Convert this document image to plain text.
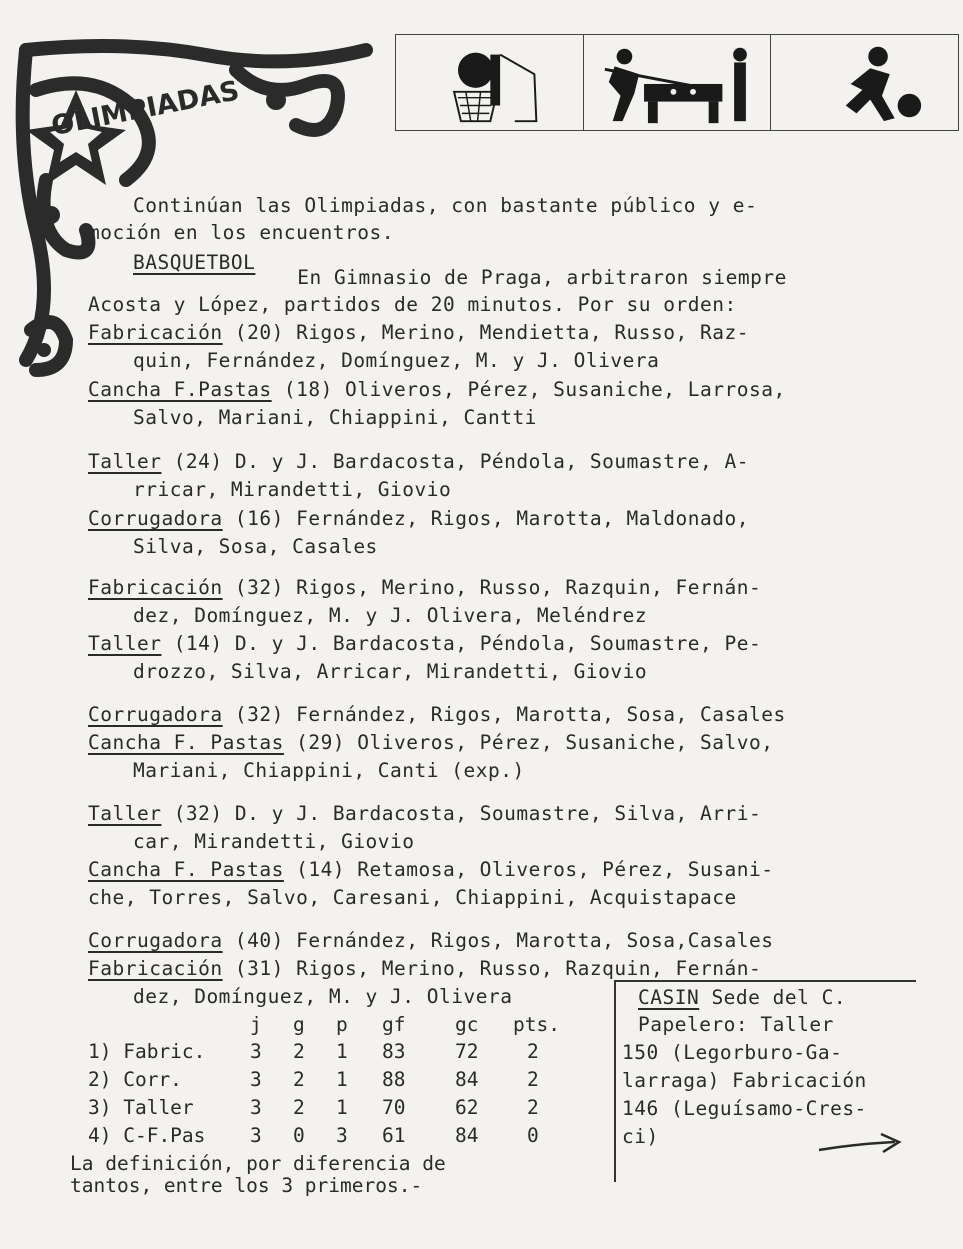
OLIMPIADAS
Continúan las Olimpiadas, con bastante público y e-
moción en los encuentros.
BASQUETBOL
En Gimnasio de Praga, arbitraron siempre
Acosta y López, partidos de 20 minutos. Por su orden:
Fabricación (20) Rigos, Merino, Mendietta, Russo, Raz-
quin, Fernández, Domínguez, M. y J. Olivera
Cancha F.Pastas (18) Oliveros, Pérez, Susaniche, Larrosa,
Salvo, Mariani, Chiappini, Cantti
Taller (24) D. y J. Bardacosta, Péndola, Soumastre, A-
rricar, Mirandetti, Giovio
Corrugadora (16) Fernández, Rigos, Marotta, Maldonado,
Silva, Sosa, Casales
Fabricación (32) Rigos, Merino, Russo, Razquin, Fernán-
dez, Domínguez, M. y J. Olivera, Meléndrez
Taller (14) D. y J. Bardacosta, Péndola, Soumastre, Pe-
drozzo, Silva, Arricar, Mirandetti, Giovio
Corrugadora (32) Fernández, Rigos, Marotta, Sosa, Casales
Cancha F. Pastas (29) Oliveros, Pérez, Susaniche, Salvo,
Mariani, Chiappini, Canti (exp.)
Taller (32) D. y J. Bardacosta, Soumastre, Silva, Arri-
car, Mirandetti, Giovio
Cancha F. Pastas (14) Retamosa, Oliveros, Pérez, Susani-
che, Torres, Salvo, Caresani, Chiappini, Acquistapace
Corrugadora (40) Fernández, Rigos, Marotta, Sosa,Casales
Fabricación (31) Rigos, Merino, Russo, Razquin, Fernán-
dez, Domínguez, M. y J. Olivera
j g p gf	gc pts.
1) Fabric. 3 2 1 83	72 2
2) Corr.	3 2 1 88	84 2
3) Taller	3 2 1 70	62 2
4) C-F.Pas 3 0 3 61	84 0
La definición, por diferencia de
tantos, entre los 3 primeros.-
CASIN Sede del C.
Papelero: Taller
150 (Legorburo-Ga-
larraga) Fabricación
146 (Leguísamo-Cres-
ci)
